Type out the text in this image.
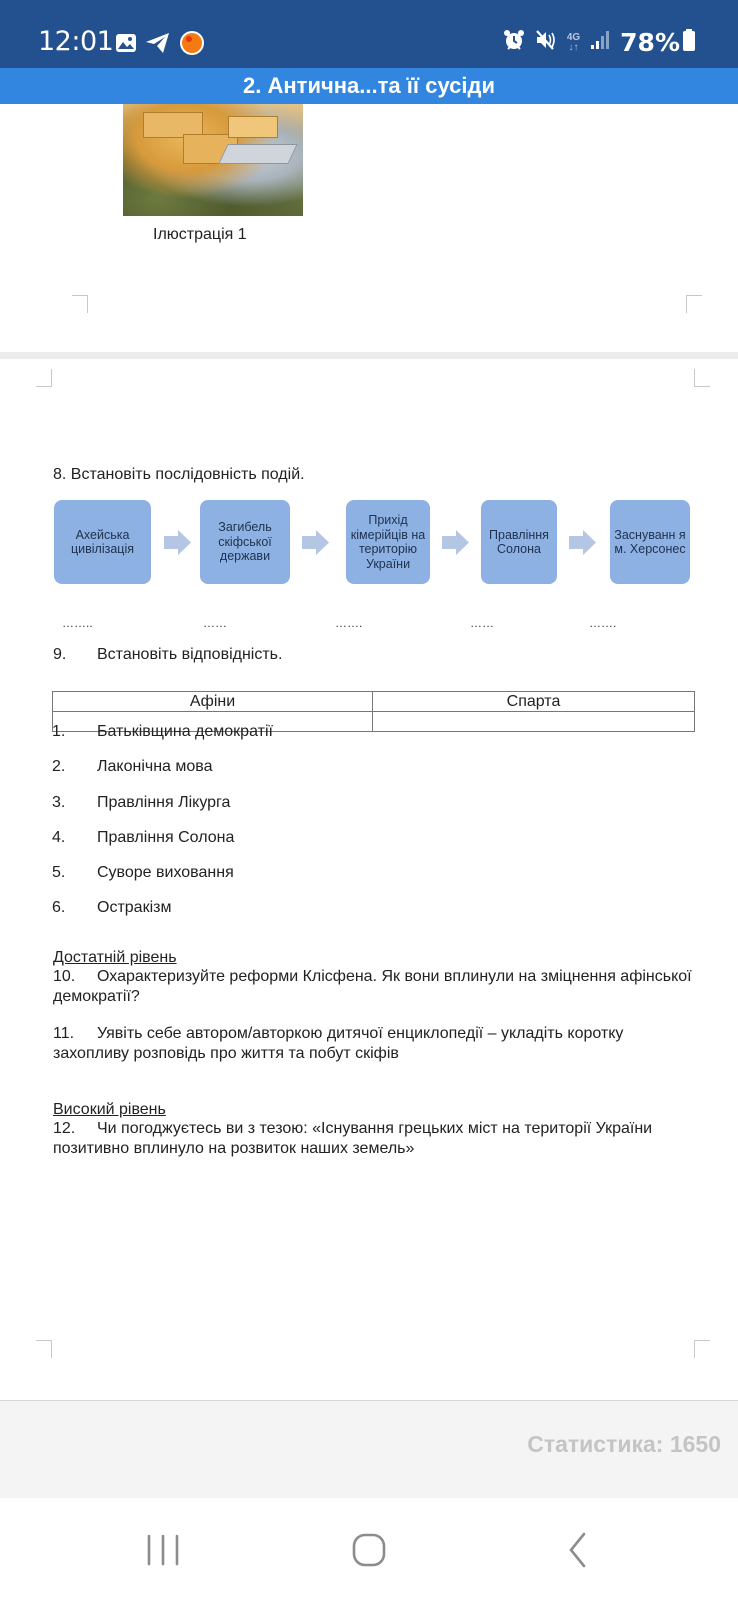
12:01	4G
↓↑ 78%
2. Антична...та її сусіди
Ілюстрація 1
8. Встановіть послідовність подій.
Ахейська цивілізація
Загибель скіфської держави
Прихід кімерійців на територію України
Правління Солона
Заснуванн я м. Херсонес
……..	……	…….	……	…….
9. Встановіть відповідність.
Афіни	Спарта

1. Батьківщина демократії
2. Лаконічна мова
3. Правління Лікурга
4. Правління Солона
5. Суворе виховання
6. Остракізм
Достатній рівень
10. Охарактеризуйте реформи Клісфена. Як вони вплинули на зміцнення афінської демократії?
11. Уявіть себе автором/авторкою дитячої енциклопедії – укладіть коротку захопливу розповідь про життя та побут скіфів
Високий рівень
12. Чи погоджуєтесь ви з тезою: «Існування грецьких міст на території України позитивно вплинуло на розвиток наших земель»
Статистика: 1650
